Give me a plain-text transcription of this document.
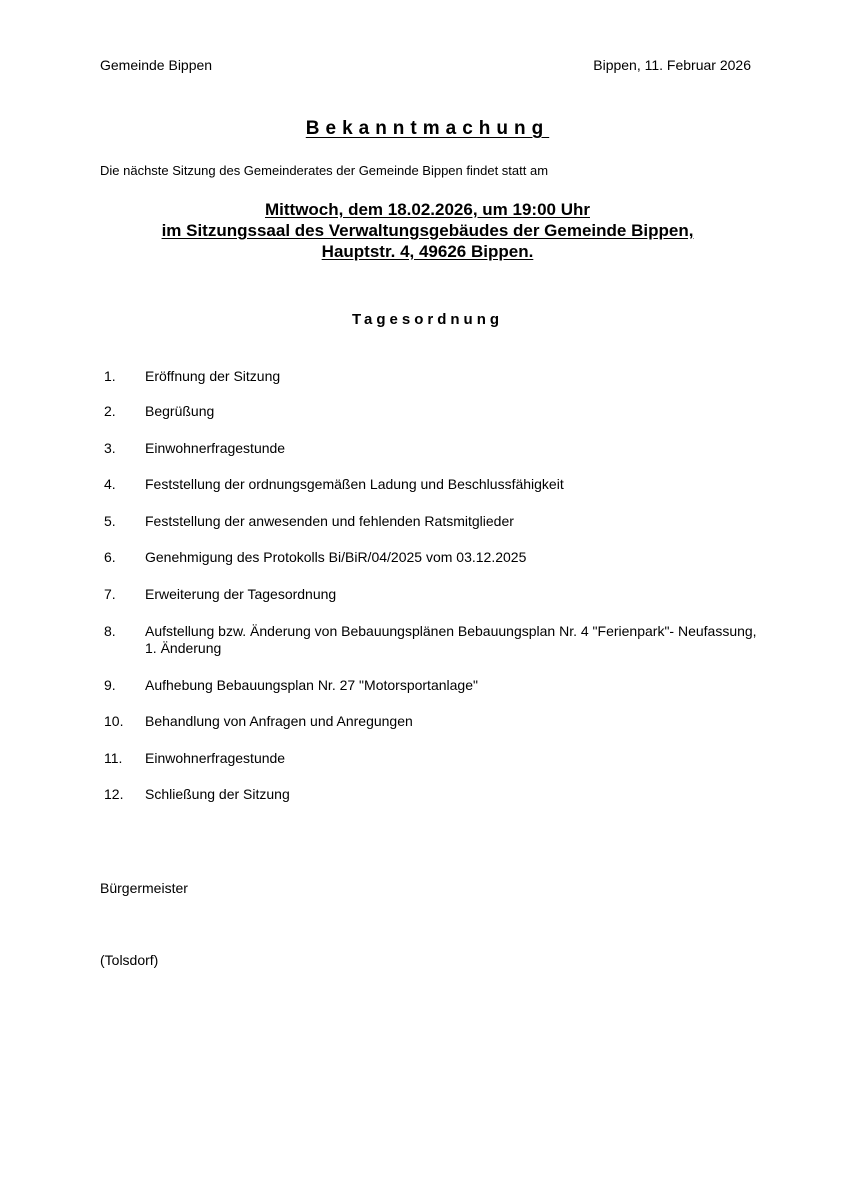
Gemeinde Bippen	Bippen, 11. Februar 2026
Bekanntmachung
Die nächste Sitzung des Gemeinderates der Gemeinde Bippen findet statt am
Mittwoch, dem 18.02.2026, um 19:00 Uhr
im Sitzungssaal des Verwaltungsgebäudes der Gemeinde Bippen,
Hauptstr. 4, 49626 Bippen.
Tagesordnung
1. Eröffnung der Sitzung
2. Begrüßung
3. Einwohnerfragestunde
4. Feststellung der ordnungsgemäßen Ladung und Beschlussfähigkeit
5. Feststellung der anwesenden und fehlenden Ratsmitglieder
6. Genehmigung des Protokolls Bi/BiR/04/2025 vom 03.12.2025
7. Erweiterung der Tagesordnung
8. Aufstellung bzw. Änderung von Bebauungsplänen Bebauungsplan Nr. 4 "Ferienpark"- Neufassung, 1. Änderung
9. Aufhebung Bebauungsplan Nr. 27 "Motorsportanlage"
10. Behandlung von Anfragen und Anregungen
11. Einwohnerfragestunde
12. Schließung der Sitzung
Bürgermeister
(Tolsdorf)
